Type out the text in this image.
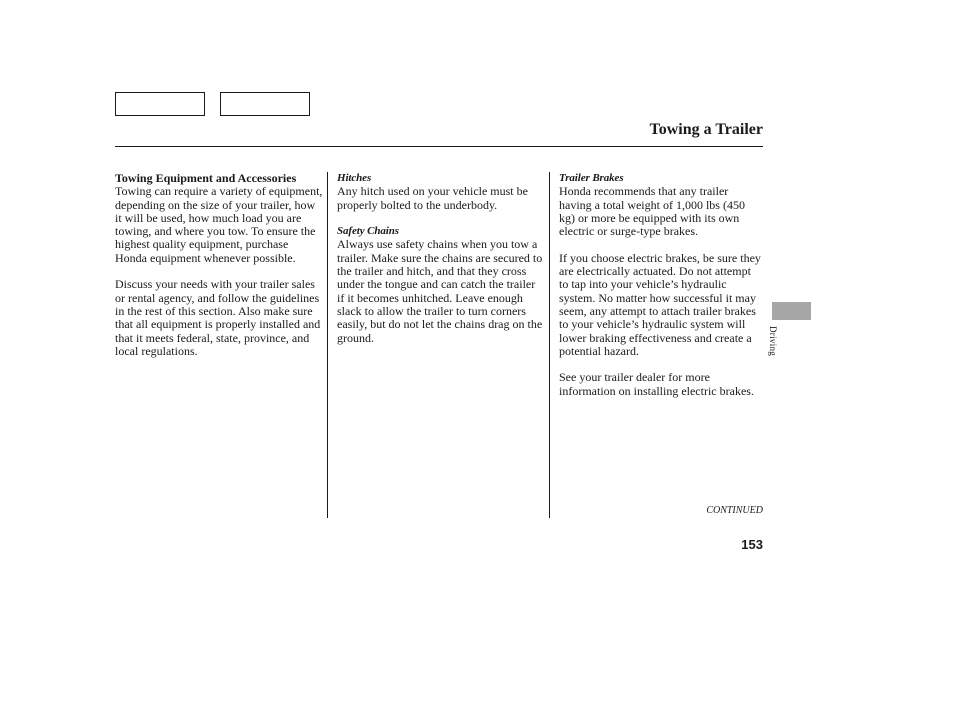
Towing a Trailer
Towing Equipment and Accessories

Towing can require a variety of equipment, depending on the size of your trailer, how it will be used, how much load you are towing, and where you tow. To ensure the highest quality equipment, purchase Honda equipment whenever possible.

Discuss your needs with your trailer sales or rental agency, and follow the guidelines in the rest of this section. Also make sure that all equipment is properly installed and that it meets federal, state, province, and local regulations.

Hitches

Any hitch used on your vehicle must be properly bolted to the underbody.

Safety Chains

Always use safety chains when you tow a trailer. Make sure the chains are secured to the trailer and hitch, and that they cross under the tongue and can catch the trailer if it becomes unhitched. Leave enough slack to allow the trailer to turn corners easily, but do not let the chains drag on the ground.

Trailer Brakes

Honda recommends that any trailer having a total weight of 1,000 lbs (450 kg) or more be equipped with its own electric or surge-type brakes.

If you choose electric brakes, be sure they are electrically actuated. Do not attempt to tap into your vehicle’s hydraulic system. No matter how successful it may seem, any attempt to attach trailer brakes to your vehicle’s hydraulic system will lower braking effectiveness and create a potential hazard.

See your trailer dealer for more information on installing electric brakes.

Driving
CONTINUED
153
